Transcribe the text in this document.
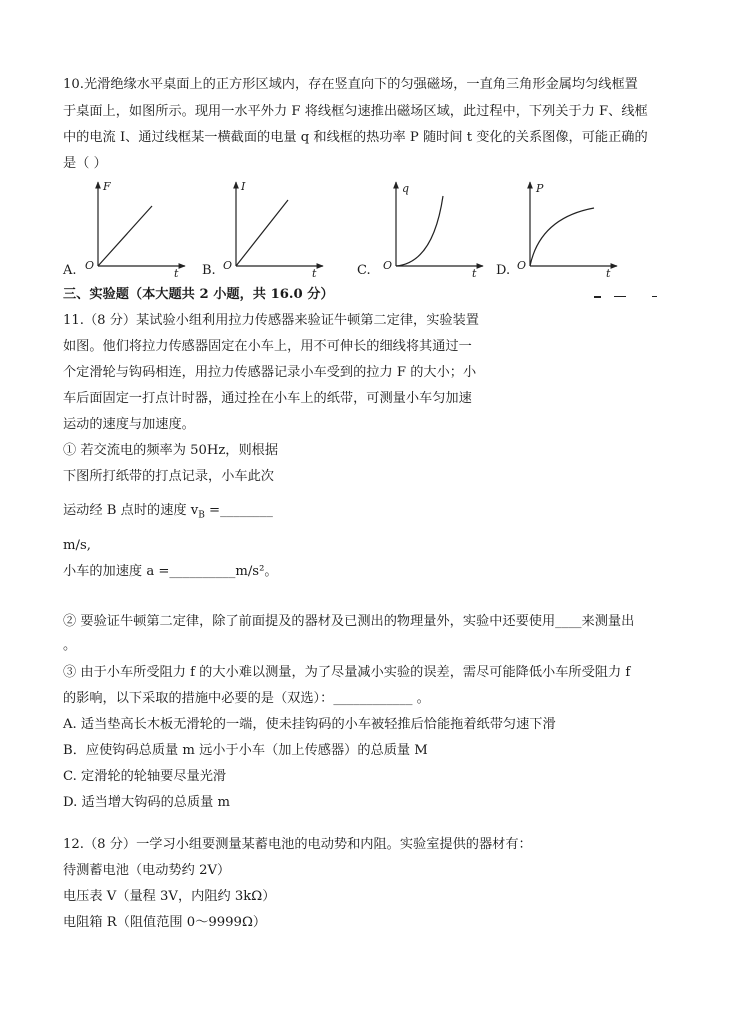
10.光滑绝缘水平桌面上的正方形区域内，存在竖直向下的匀强磁场，一直角三角形金属均匀线框置
于桌面上，如图所示。现用一水平外力 F 将线框匀速推出磁场区域，此过程中，下列关于力 F、线框
中的电流 I、通过线框某一横截面的电量 q 和线框的热功率 P 随时间 t 变化的关系图像，可能正确的
是（ ）
A.
F
O
t B.
I
O
t	C.
q
O
t D.
P
O
t
三、实验题（本大题共 2 小题，共 16.0 分）
11.（8 分）某试验小组利用拉力传感器来验证牛顿第二定律，实验装置
如图。他们将拉力传感器固定在小车上，用不可伸长的细线将其通过一
个定滑轮与钩码相连，用拉力传感器记录小车受到的拉力 F 的大小；小
车后面固定一打点计时器，通过拴在小车上的纸带，可测量小车匀加速
运动的速度与加速度。
① 若交流电的频率为 50Hz，则根据
下图所打纸带的打点记录，小车此次
运动经 B 点时的速度 $v_B$ =________
m/s,
小车的加速度 a =__________m/s²。
② 要验证牛顿第二定律，除了前面提及的器材及已测出的物理量外，实验中还要使用____来测量出
。
③ 由于小车所受阻力 f 的大小难以测量，为了尽量减小实验的误差，需尽可能降低小车所受阻力 f
的影响，以下采取的措施中必要的是（双选）：____________ 。
A. 适当垫高长木板无滑轮的一端，使未挂钩码的小车被轻推后恰能拖着纸带匀速下滑
B．应使钩码总质量 m 远小于小车（加上传感器）的总质量 M
C. 定滑轮的轮轴要尽量光滑
D. 适当增大钩码的总质量 m
12.（8 分）一学习小组要测量某蓄电池的电动势和内阻。实验室提供的器材有：
待测蓄电池（电动势约 2V）
电压表 V（量程 3V，内阻约 3kΩ）
电阻箱 R（阻值范围 0～9999Ω）
